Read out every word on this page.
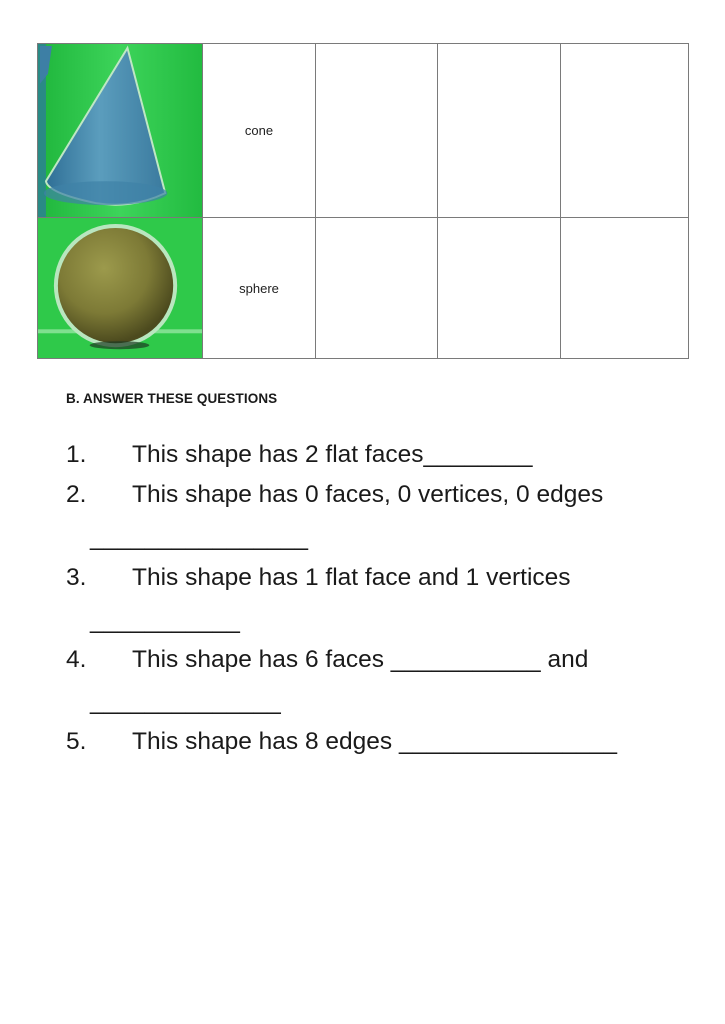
	cone			

	sphere			
B. ANSWER THESE QUESTIONS

1. This shape has 2 flat faces________

2. This shape has 0 faces, 0 vertices, 0 edges

________________

3. This shape has 1 flat face and 1 vertices

___________

4. This shape has 6 faces ___________ and

______________

5. This shape has 8 edges ________________
